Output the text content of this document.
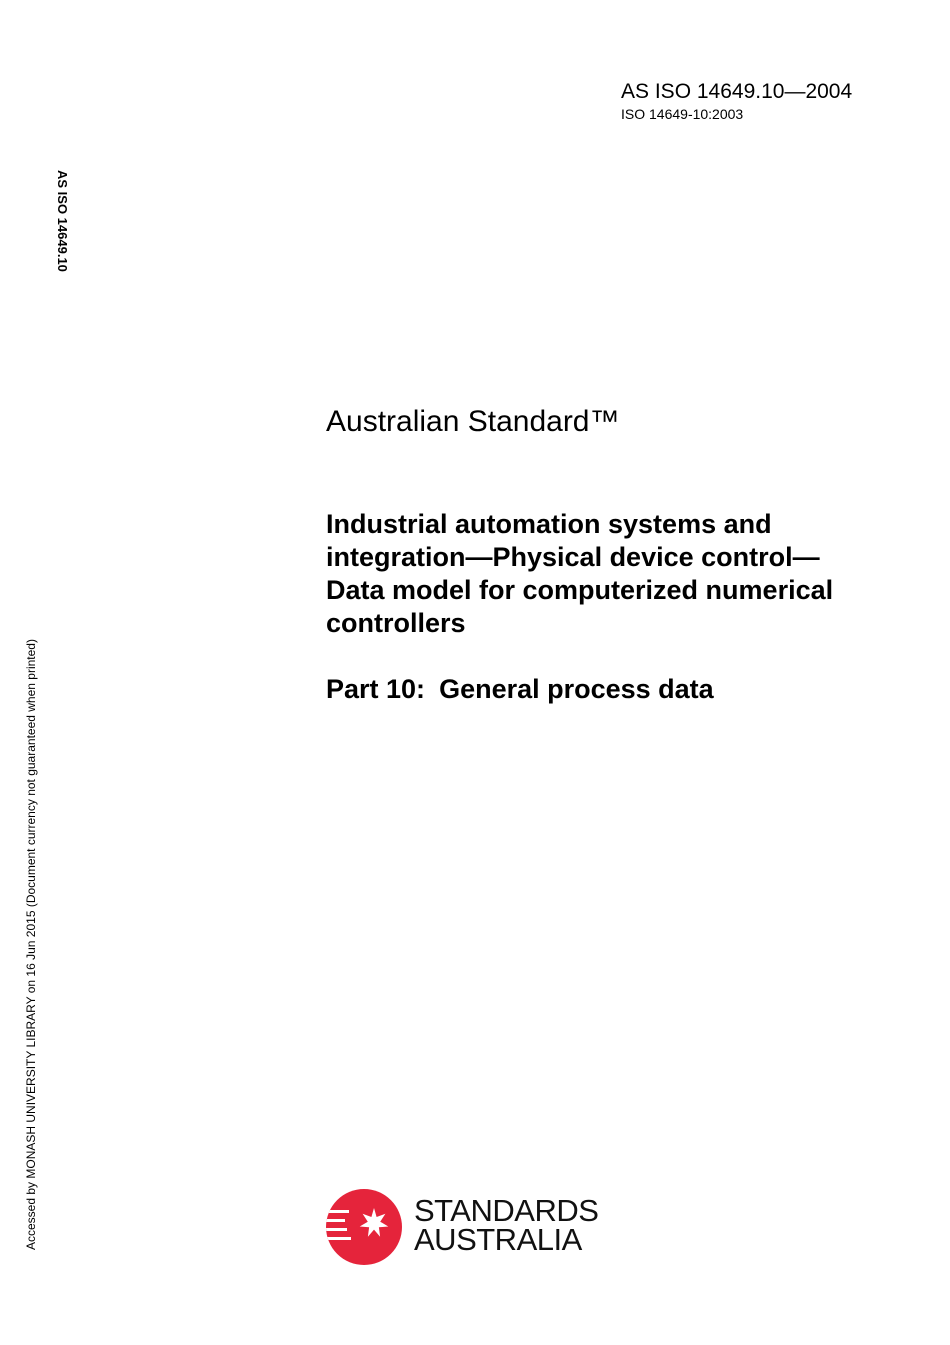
AS ISO 14649.10—2004
ISO 14649-10:2003
AS ISO 14649.10
Accessed by MONASH UNIVERSITY LIBRARY on 16 Jun 2015 (Document currency not guaranteed when printed)
Australian Standard™
Industrial automation systems and
integration—Physical device control—
Data model for computerized numerical
controllers
Part 10: General process data
STANDARDS
AUSTRALIA
